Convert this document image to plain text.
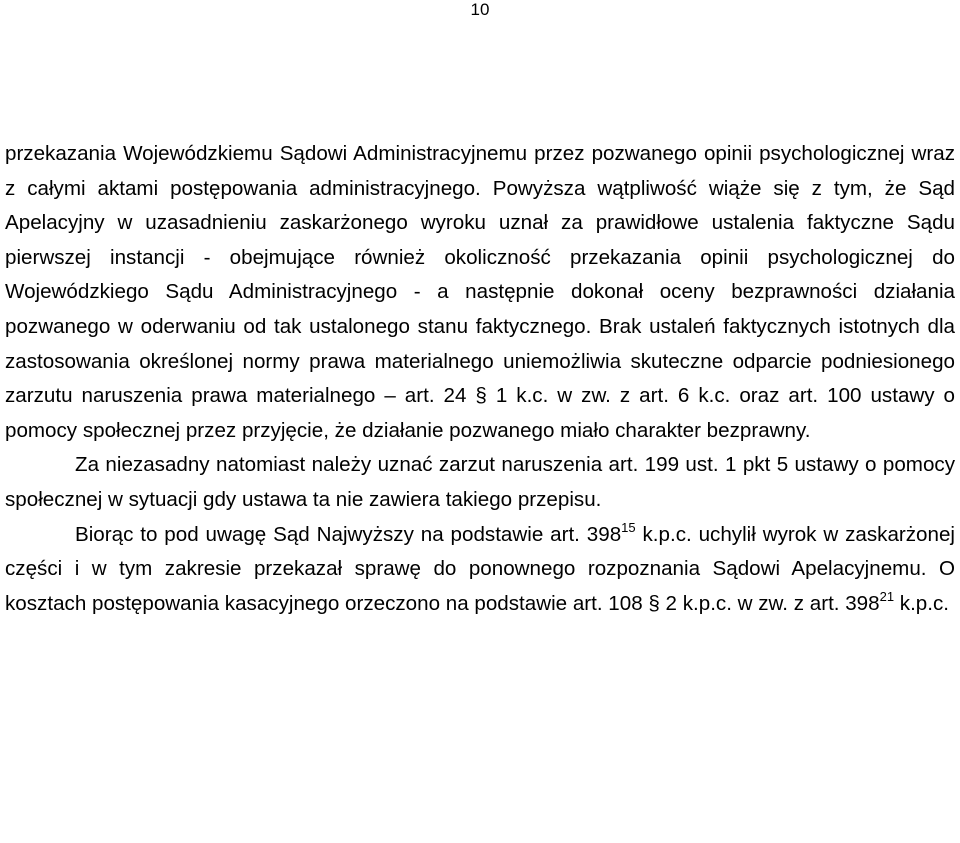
10

przekazania Wojewódzkiemu Sądowi Administracyjnemu przez pozwanego opinii psychologicznej wraz z całymi aktami postępowania administracyjnego. Powyższa wątpliwość wiąże się z tym, że Sąd Apelacyjny w uzasadnieniu zaskarżonego wyroku uznał za prawidłowe ustalenia faktyczne Sądu pierwszej instancji - obejmujące również okoliczność przekazania opinii psychologicznej do Wojewódzkiego Sądu Administracyjnego - a następnie dokonał oceny bezprawności działania pozwanego w oderwaniu od tak ustalonego stanu faktycznego. Brak ustaleń faktycznych istotnych dla zastosowania określonej normy prawa materialnego uniemożliwia skuteczne odparcie podniesionego zarzutu naruszenia prawa materialnego – art. 24 § 1 k.c. w zw. z art. 6 k.c. oraz art. 100 ustawy o pomocy społecznej przez przyjęcie, że działanie pozwanego miało charakter bezprawny.

Za niezasadny natomiast należy uznać zarzut naruszenia art. 199 ust. 1 pkt 5 ustawy o pomocy społecznej w sytuacji gdy ustawa ta nie zawiera takiego przepisu.

Biorąc to pod uwagę Sąd Najwyższy na podstawie art. $398^{15}$ k.p.c. uchylił wyrok w zaskarżonej części i w tym zakresie przekazał sprawę do ponownego rozpoznania Sądowi Apelacyjnemu. O kosztach postępowania kasacyjnego orzeczono na podstawie art. 108 § 2 k.p.c. w zw. z art. $398^{21}$ k.p.c.
